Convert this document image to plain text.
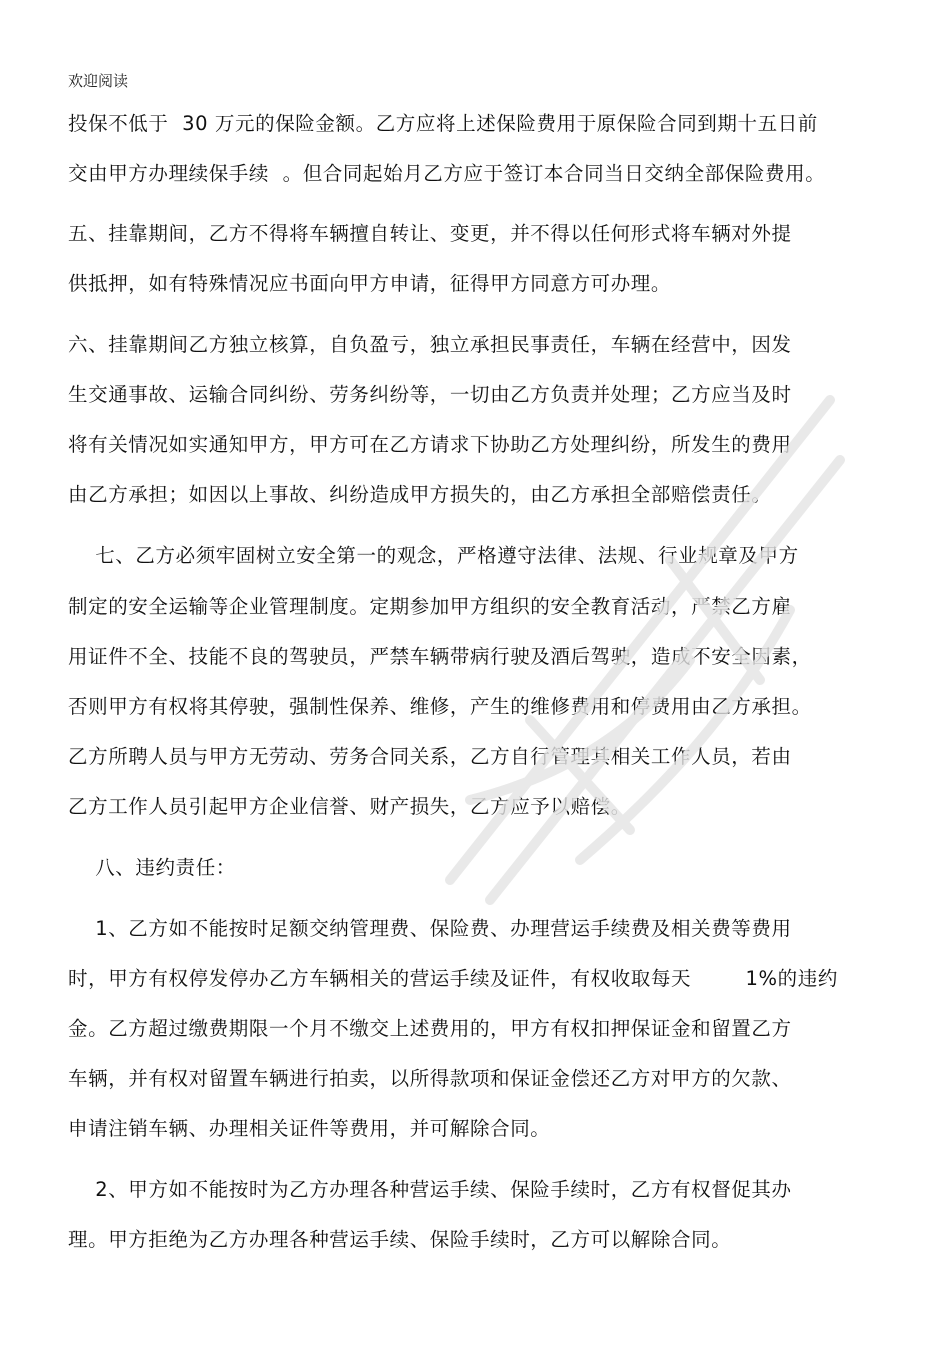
欢迎阅读
投保不低于  30 万元的保险金额。乙方应将上述保险费用于原保险合同到期十五日前
交由甲方办理续保手续  。但合同起始月乙方应于签订本合同当日交纳全部保险费用。
五、挂靠期间，乙方不得将车辆擅自转让、变更，并不得以任何形式将车辆对外提
供抵押，如有特殊情况应书面向甲方申请，征得甲方同意方可办理。
六、挂靠期间乙方独立核算，自负盈亏，独立承担民事责任，车辆在经营中，因发
生交通事故、运输合同纠纷、劳务纠纷等，一切由乙方负责并处理；乙方应当及时
将有关情况如实通知甲方，甲方可在乙方请求下协助乙方处理纠纷，所发生的费用
由乙方承担；如因以上事故、纠纷造成甲方损失的，由乙方承担全部赔偿责任。
七、乙方必须牢固树立安全第一的观念，严格遵守法律、法规、行业规章及甲方
制定的安全运输等企业管理制度。定期参加甲方组织的安全教育活动，严禁乙方雇
用证件不全、技能不良的驾驶员，严禁车辆带病行驶及酒后驾驶，造成不安全因素，
否则甲方有权将其停驶，强制性保养、维修，产生的维修费用和停费用由乙方承担。
乙方所聘人员与甲方无劳动、劳务合同关系，乙方自行管理其相关工作人员，若由
乙方工作人员引起甲方企业信誉、财产损失，乙方应予以赔偿。
八、违约责任：
1、乙方如不能按时足额交纳管理费、保险费、办理营运手续费及相关费等费用
时，甲方有权停发停办乙方车辆相关的营运手续及证件，有权收取每天        1%的违约
金。乙方超过缴费期限一个月不缴交上述费用的，甲方有权扣押保证金和留置乙方
车辆，并有权对留置车辆进行拍卖，以所得款项和保证金偿还乙方对甲方的欠款、
申请注销车辆、办理相关证件等费用，并可解除合同。
2、甲方如不能按时为乙方办理各种营运手续、保险手续时，乙方有权督促其办
理。甲方拒绝为乙方办理各种营运手续、保险手续时，乙方可以解除合同。
